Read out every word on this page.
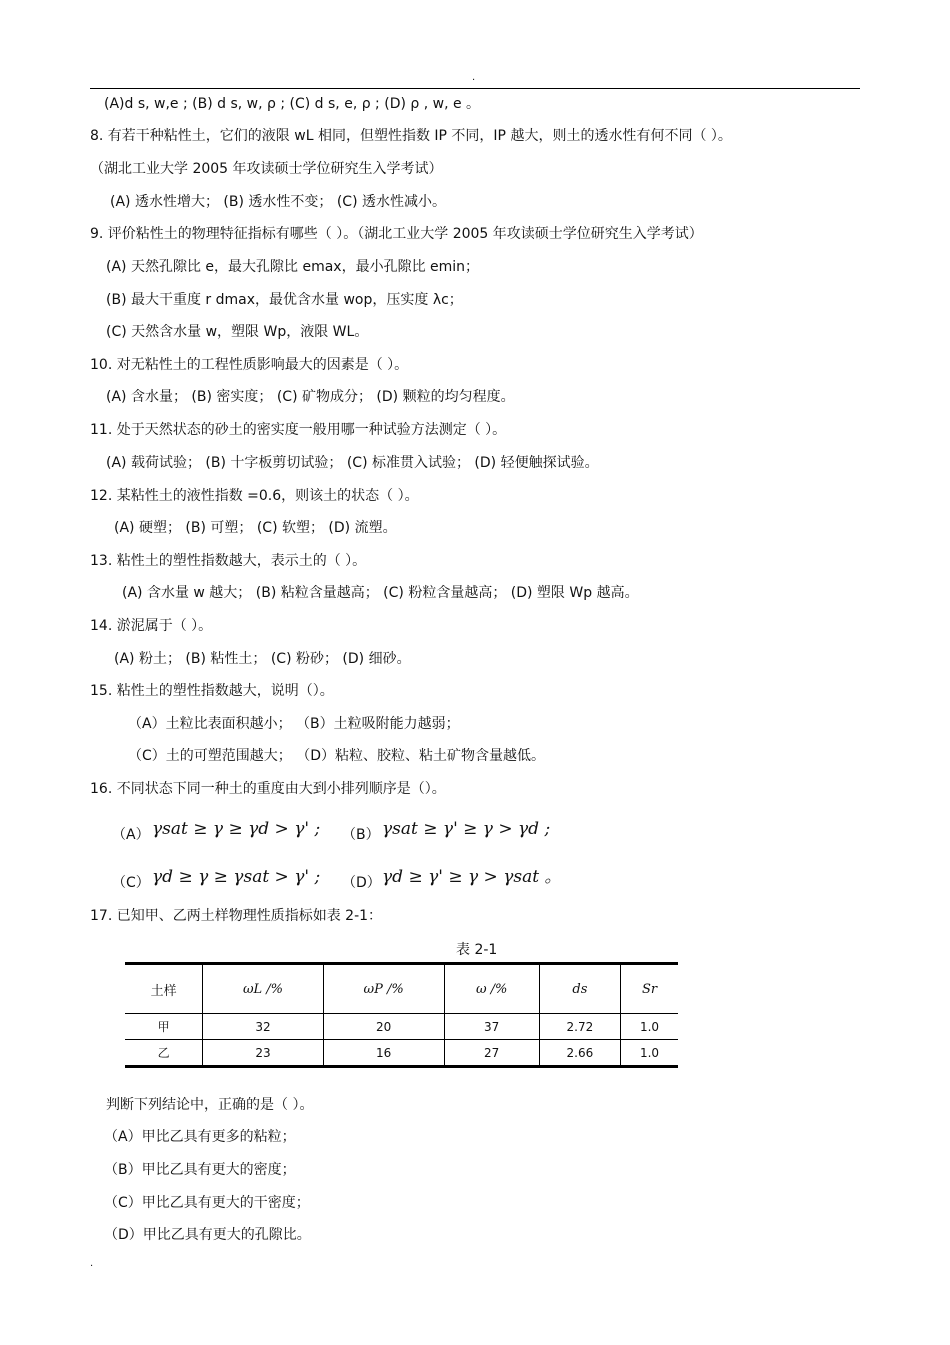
.
(A)d s, w,e ; (B) d s, w, ρ ; (C) d s, e, ρ ; (D) ρ , w, e 。
8. 有若干种粘性土，它们的液限 wL 相同，但塑性指数 IP 不同，IP 越大，则土的透水性有何不同（ ）。
（湖北工业大学 2005 年攻读硕士学位研究生入学考试）
(A) 透水性增大； (B) 透水性不变； (C) 透水性减小。
9. 评价粘性土的物理特征指标有哪些（ ）。（湖北工业大学 2005 年攻读硕士学位研究生入学考试）
(A) 天然孔隙比 e，最大孔隙比 emax，最小孔隙比 emin；
(B) 最大干重度 r dmax，最优含水量 wop，压实度 λc；
(C) 天然含水量 w，塑限 Wp，液限 WL。
10. 对无粘性土的工程性质影响最大的因素是（ ）。
(A) 含水量； (B) 密实度； (C) 矿物成分； (D) 颗粒的均匀程度。
11. 处于天然状态的砂土的密实度一般用哪一种试验方法测定（ ）。
(A) 载荷试验； (B) 十字板剪切试验； (C) 标准贯入试验； (D) 轻便触探试验。
12. 某粘性土的液性指数 =0.6，则该土的状态（ ）。
(A) 硬塑； (B) 可塑； (C) 软塑； (D) 流塑。
13. 粘性土的塑性指数越大，表示土的（ ）。
(A) 含水量 w 越大； (B) 粘粒含量越高； (C) 粉粒含量越高； (D) 塑限 Wp 越高。
14. 淤泥属于（ ）。
(A) 粉土； (B) 粘性土； (C) 粉砂； (D) 细砂。
15. 粘性土的塑性指数越大，说明（）。
（A）土粒比表面积越小； （B）土粒吸附能力越弱；
（C）土的可塑范围越大； （D）粘粒、胶粒、粘土矿物含量越低。
16. 不同状态下同一种土的重度由大到小排列顺序是（）。
（A） γsat ≥ γ ≥ γd > γ' ; （B） γsat ≥ γ' ≥ γ > γd ;
（C） γd ≥ γ ≥ γsat > γ' ; （D） γd ≥ γ' ≥ γ > γsat 。
17. 已知甲、乙两土样物理性质指标如表 2-1：
表 2-1
土样	ωL /%	ωP /%	ω /%	ds	Sr
甲	32	20	37	2.72	1.0
乙	23	16	27	2.66	1.0
判断下列结论中，正确的是（ ）。
（A）甲比乙具有更多的粘粒；
（B）甲比乙具有更大的密度；
（C）甲比乙具有更大的干密度；
（D）甲比乙具有更大的孔隙比。
.
